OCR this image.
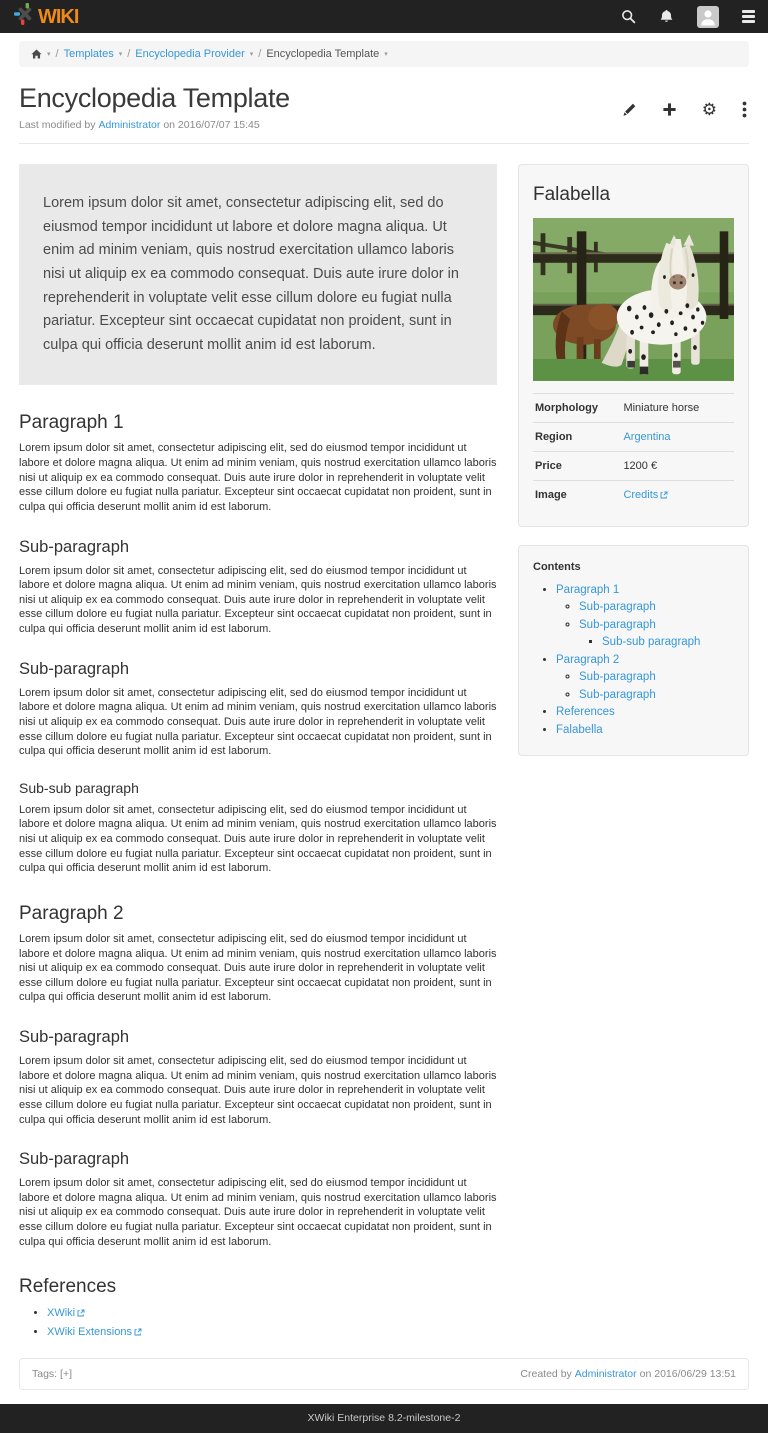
WIKI
▾ / Templates ▾ / Encyclopedia Provider ▾ / Encyclopedia Template ▾
Encyclopedia Template
Last modified by Administrator on 2016/07/07 15:45
⚙
Lorem ipsum dolor sit amet, consectetur adipiscing elit, sed do eiusmod tempor incididunt ut labore et dolore magna aliqua. Ut enim ad minim veniam, quis nostrud exercitation ullamco laboris nisi ut aliquip ex ea commodo consequat. Duis aute irure dolor in reprehenderit in voluptate velit esse cillum dolore eu fugiat nulla pariatur. Excepteur sint occaecat cupidatat non proident, sunt in culpa qui officia deserunt mollit anim id est laborum.
Paragraph 1

Lorem ipsum dolor sit amet, consectetur adipiscing elit, sed do eiusmod tempor incididunt ut labore et dolore magna aliqua. Ut enim ad minim veniam, quis nostrud exercitation ullamco laboris nisi ut aliquip ex ea commodo consequat. Duis aute irure dolor in reprehenderit in voluptate velit esse cillum dolore eu fugiat nulla pariatur. Excepteur sint occaecat cupidatat non proident, sunt in culpa qui officia deserunt mollit anim id est laborum.

Sub-paragraph

Lorem ipsum dolor sit amet, consectetur adipiscing elit, sed do eiusmod tempor incididunt ut labore et dolore magna aliqua. Ut enim ad minim veniam, quis nostrud exercitation ullamco laboris nisi ut aliquip ex ea commodo consequat. Duis aute irure dolor in reprehenderit in voluptate velit esse cillum dolore eu fugiat nulla pariatur. Excepteur sint occaecat cupidatat non proident, sunt in culpa qui officia deserunt mollit anim id est laborum.

Sub-paragraph

Lorem ipsum dolor sit amet, consectetur adipiscing elit, sed do eiusmod tempor incididunt ut labore et dolore magna aliqua. Ut enim ad minim veniam, quis nostrud exercitation ullamco laboris nisi ut aliquip ex ea commodo consequat. Duis aute irure dolor in reprehenderit in voluptate velit esse cillum dolore eu fugiat nulla pariatur. Excepteur sint occaecat cupidatat non proident, sunt in culpa qui officia deserunt mollit anim id est laborum.

Sub-sub paragraph

Lorem ipsum dolor sit amet, consectetur adipiscing elit, sed do eiusmod tempor incididunt ut labore et dolore magna aliqua. Ut enim ad minim veniam, quis nostrud exercitation ullamco laboris nisi ut aliquip ex ea commodo consequat. Duis aute irure dolor in reprehenderit in voluptate velit esse cillum dolore eu fugiat nulla pariatur. Excepteur sint occaecat cupidatat non proident, sunt in culpa qui officia deserunt mollit anim id est laborum.

Paragraph 2

Lorem ipsum dolor sit amet, consectetur adipiscing elit, sed do eiusmod tempor incididunt ut labore et dolore magna aliqua. Ut enim ad minim veniam, quis nostrud exercitation ullamco laboris nisi ut aliquip ex ea commodo consequat. Duis aute irure dolor in reprehenderit in voluptate velit esse cillum dolore eu fugiat nulla pariatur. Excepteur sint occaecat cupidatat non proident, sunt in culpa qui officia deserunt mollit anim id est laborum.

Sub-paragraph

Lorem ipsum dolor sit amet, consectetur adipiscing elit, sed do eiusmod tempor incididunt ut labore et dolore magna aliqua. Ut enim ad minim veniam, quis nostrud exercitation ullamco laboris nisi ut aliquip ex ea commodo consequat. Duis aute irure dolor in reprehenderit in voluptate velit esse cillum dolore eu fugiat nulla pariatur. Excepteur sint occaecat cupidatat non proident, sunt in culpa qui officia deserunt mollit anim id est laborum.

Sub-paragraph

Lorem ipsum dolor sit amet, consectetur adipiscing elit, sed do eiusmod tempor incididunt ut labore et dolore magna aliqua. Ut enim ad minim veniam, quis nostrud exercitation ullamco laboris nisi ut aliquip ex ea commodo consequat. Duis aute irure dolor in reprehenderit in voluptate velit esse cillum dolore eu fugiat nulla pariatur. Excepteur sint occaecat cupidatat non proident, sunt in culpa qui officia deserunt mollit anim id est laborum.

References
• XWiki
• XWiki Extensions
Falabella
Morphology	Miniature horse
Region	Argentina
Price	1200 €
Image	Credits

Contents

• Paragraph 1
◦ Sub-paragraph
◦ Sub-paragraph
▪ Sub-sub paragraph
• Paragraph 2
◦ Sub-paragraph
◦ Sub-paragraph
• References
• Falabella
Tags: [+]	Created by Administrator on 2016/06/29 13:51
XWiki Enterprise 8.2-milestone-2
